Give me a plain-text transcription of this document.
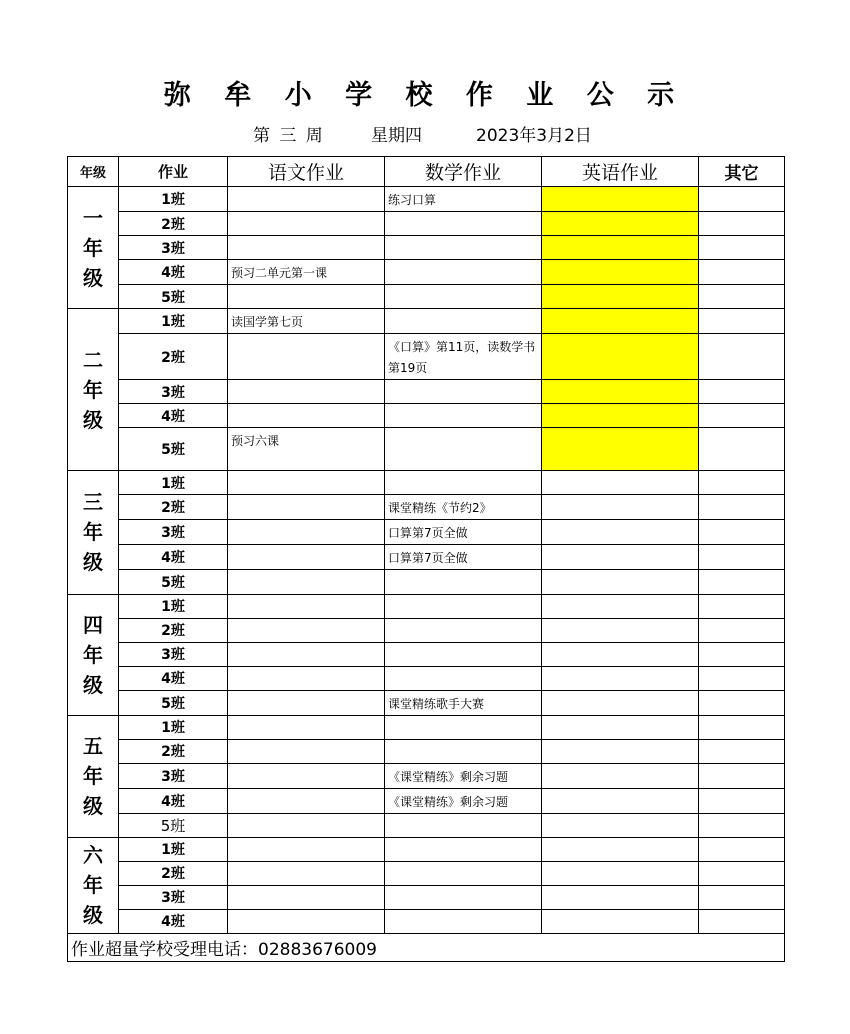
弥 牟 小 学 校 作 业 公 示
第 三 周	星期四	2023年3月2日
年级	作业	语文作业	数学作业	英语作业	其它

一
年
级	1班		练习口算		
	2班				
	3班				
	4班	预习二单元第一课			
	5班				

二
年
级	1班	读国学第七页			
	2班		《口算》第11页，读数学书第19页		
	3班				
	4班				
	5班	预习六课			

三
年
级	1班				
	2班		课堂精练《节约2》		
	3班		口算第7页全做		
	4班		口算第7页全做		
	5班				

四
年
级	1班				
	2班				
	3班				
	4班				
	5班		课堂精练歌手大赛		

五
年
级	1班				
	2班				
	3班		《课堂精练》剩余习题		
	4班		《课堂精练》剩余习题		
	5班				

六
年
级	1班				
	2班				
	3班				
	4班				
作业超量学校受理电话：02883676009					
